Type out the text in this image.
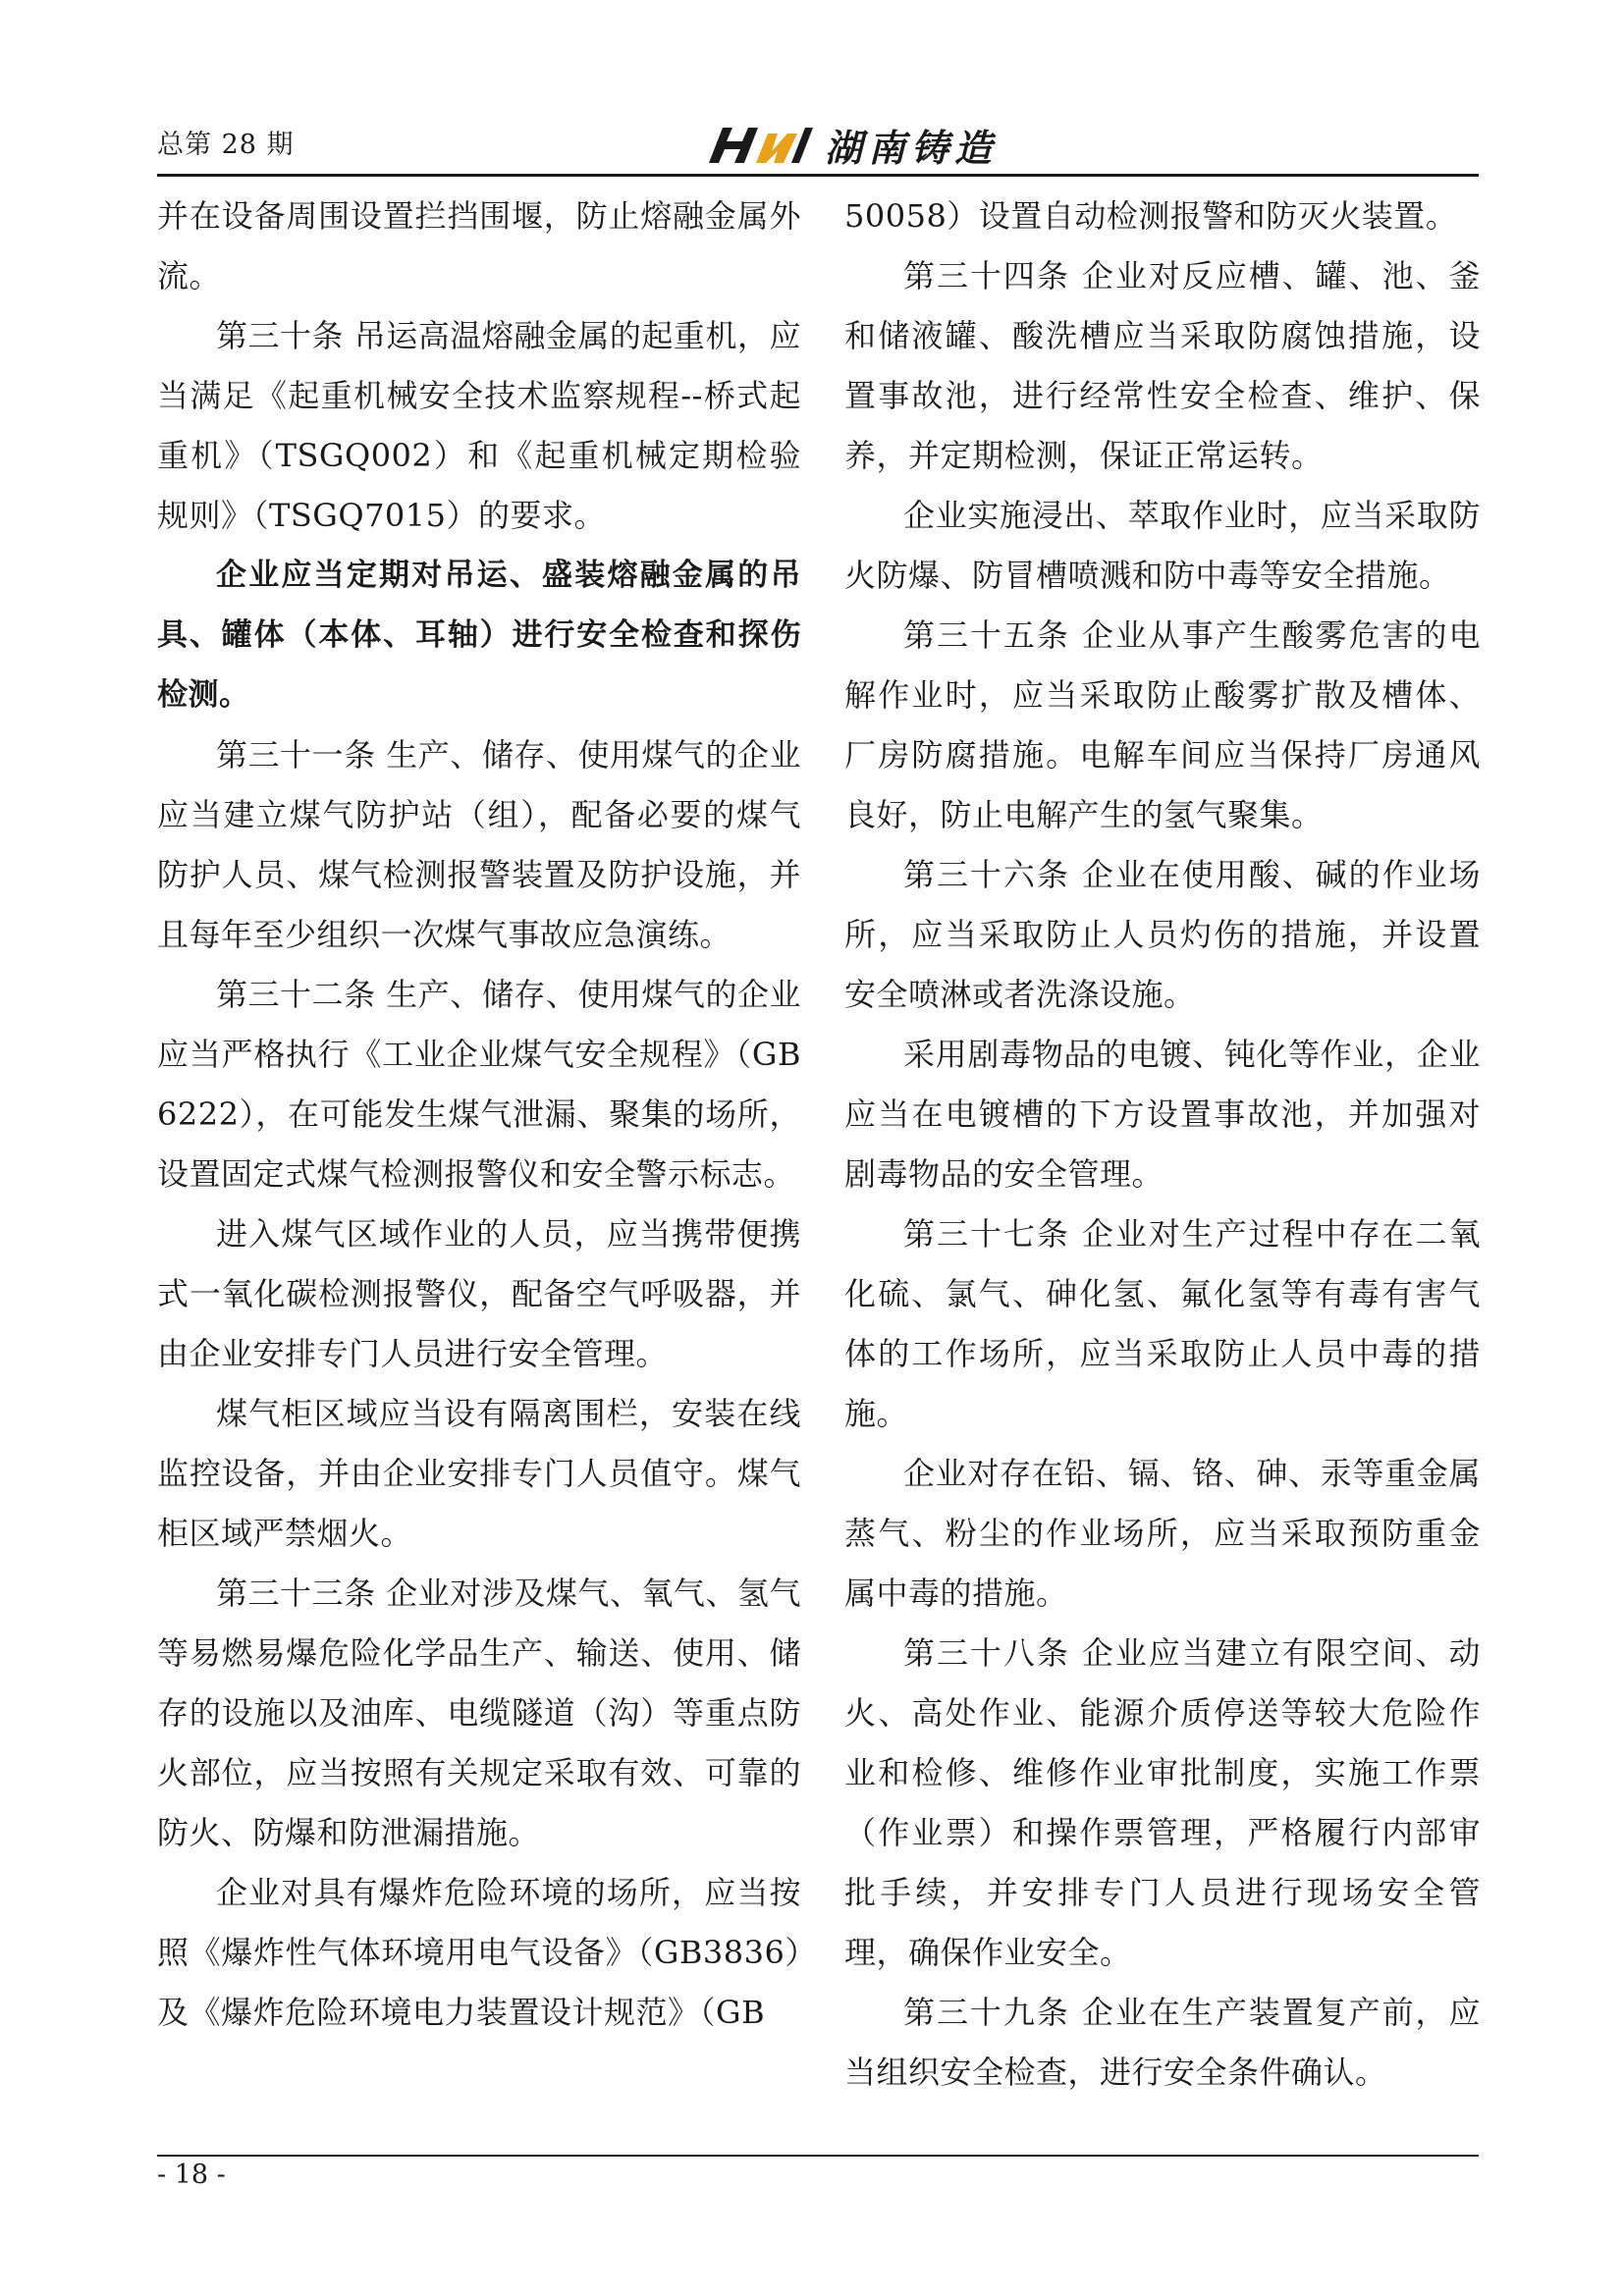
总第 28 期	湖南铸造

并在设备周围设置拦挡围堰，防止熔融金属外流。

第三十条 吊运高温熔融金属的起重机，应当满足《起重机械安全技术监察规程--桥式起重机》（TSGQ002）和《起重机械定期检验规则》（TSGQ7015）的要求。

企业应当定期对吊运、盛装熔融金属的吊具、罐体（本体、耳轴）进行安全检查和探伤检测。

第三十一条 生产、储存、使用煤气的企业应当建立煤气防护站（组），配备必要的煤气防护人员、煤气检测报警装置及防护设施，并且每年至少组织一次煤气事故应急演练。

第三十二条 生产、储存、使用煤气的企业应当严格执行《工业企业煤气安全规程》（GB6222），在可能发生煤气泄漏、聚集的场所，设置固定式煤气检测报警仪和安全警示标志。

进入煤气区域作业的人员，应当携带便携式一氧化碳检测报警仪，配备空气呼吸器，并由企业安排专门人员进行安全管理。

煤气柜区域应当设有隔离围栏，安装在线监控设备，并由企业安排专门人员值守。煤气柜区域严禁烟火。

第三十三条 企业对涉及煤气、氧气、氢气等易燃易爆危险化学品生产、输送、使用、储存的设施以及油库、电缆隧道（沟）等重点防火部位，应当按照有关规定采取有效、可靠的防火、防爆和防泄漏措施。

企业对具有爆炸危险环境的场所，应当按照《爆炸性气体环境用电气设备》（GB3836）及《爆炸危险环境电力装置设计规范》（GB

50058）设置自动检测报警和防灭火装置。

第三十四条 企业对反应槽、罐、池、釜和储液罐、酸洗槽应当采取防腐蚀措施，设置事故池，进行经常性安全检查、维护、保养，并定期检测，保证正常运转。

企业实施浸出、萃取作业时，应当采取防火防爆、防冒槽喷溅和防中毒等安全措施。

第三十五条 企业从事产生酸雾危害的电解作业时，应当采取防止酸雾扩散及槽体、厂房防腐措施。电解车间应当保持厂房通风良好，防止电解产生的氢气聚集。

第三十六条 企业在使用酸、碱的作业场所，应当采取防止人员灼伤的措施，并设置安全喷淋或者洗涤设施。

采用剧毒物品的电镀、钝化等作业，企业应当在电镀槽的下方设置事故池，并加强对剧毒物品的安全管理。

第三十七条 企业对生产过程中存在二氧化硫、氯气、砷化氢、氟化氢等有毒有害气体的工作场所，应当采取防止人员中毒的措施。

企业对存在铅、镉、铬、砷、汞等重金属蒸气、粉尘的作业场所，应当采取预防重金属中毒的措施。

第三十八条 企业应当建立有限空间、动火、高处作业、能源介质停送等较大危险作业和检修、维修作业审批制度，实施工作票（作业票）和操作票管理，严格履行内部审批手续，并安排专门人员进行现场安全管理，确保作业安全。

第三十九条 企业在生产装置复产前，应当组织安全检查，进行安全条件确认。

- 18 -
